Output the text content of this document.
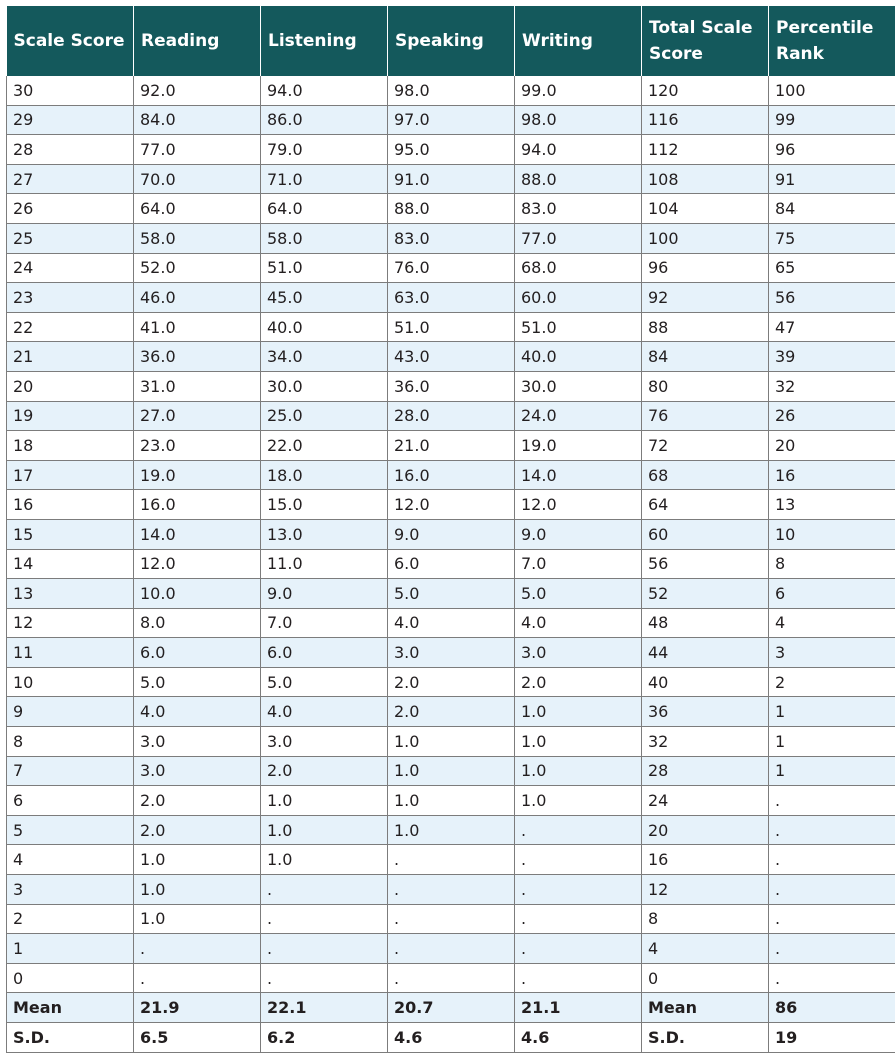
Scale Score	Reading	Listening	Speaking	Writing	Total Scale Score	Percentile Rank
30	92.0	94.0	98.0	99.0	120	100
29	84.0	86.0	97.0	98.0	116	99
28	77.0	79.0	95.0	94.0	112	96
27	70.0	71.0	91.0	88.0	108	91
26	64.0	64.0	88.0	83.0	104	84
25	58.0	58.0	83.0	77.0	100	75
24	52.0	51.0	76.0	68.0	96	65
23	46.0	45.0	63.0	60.0	92	56
22	41.0	40.0	51.0	51.0	88	47
21	36.0	34.0	43.0	40.0	84	39
20	31.0	30.0	36.0	30.0	80	32
19	27.0	25.0	28.0	24.0	76	26
18	23.0	22.0	21.0	19.0	72	20
17	19.0	18.0	16.0	14.0	68	16
16	16.0	15.0	12.0	12.0	64	13
15	14.0	13.0	9.0	9.0	60	10
14	12.0	11.0	6.0	7.0	56	8
13	10.0	9.0	5.0	5.0	52	6
12	8.0	7.0	4.0	4.0	48	4
11	6.0	6.0	3.0	3.0	44	3
10	5.0	5.0	2.0	2.0	40	2
9	4.0	4.0	2.0	1.0	36	1
8	3.0	3.0	1.0	1.0	32	1
7	3.0	2.0	1.0	1.0	28	1
6	2.0	1.0	1.0	1.0	24	.
5	2.0	1.0	1.0	.	20	.
4	1.0	1.0	.	.	16	.
3	1.0	.	.	.	12	.
2	1.0	.	.	.	8	.
1	.	.	.	.	4	.
0	.	.	.	.	0	.
Mean	21.9	22.1	20.7	21.1	Mean	86
S.D.	6.5	6.2	4.6	4.6	S.D.	19
